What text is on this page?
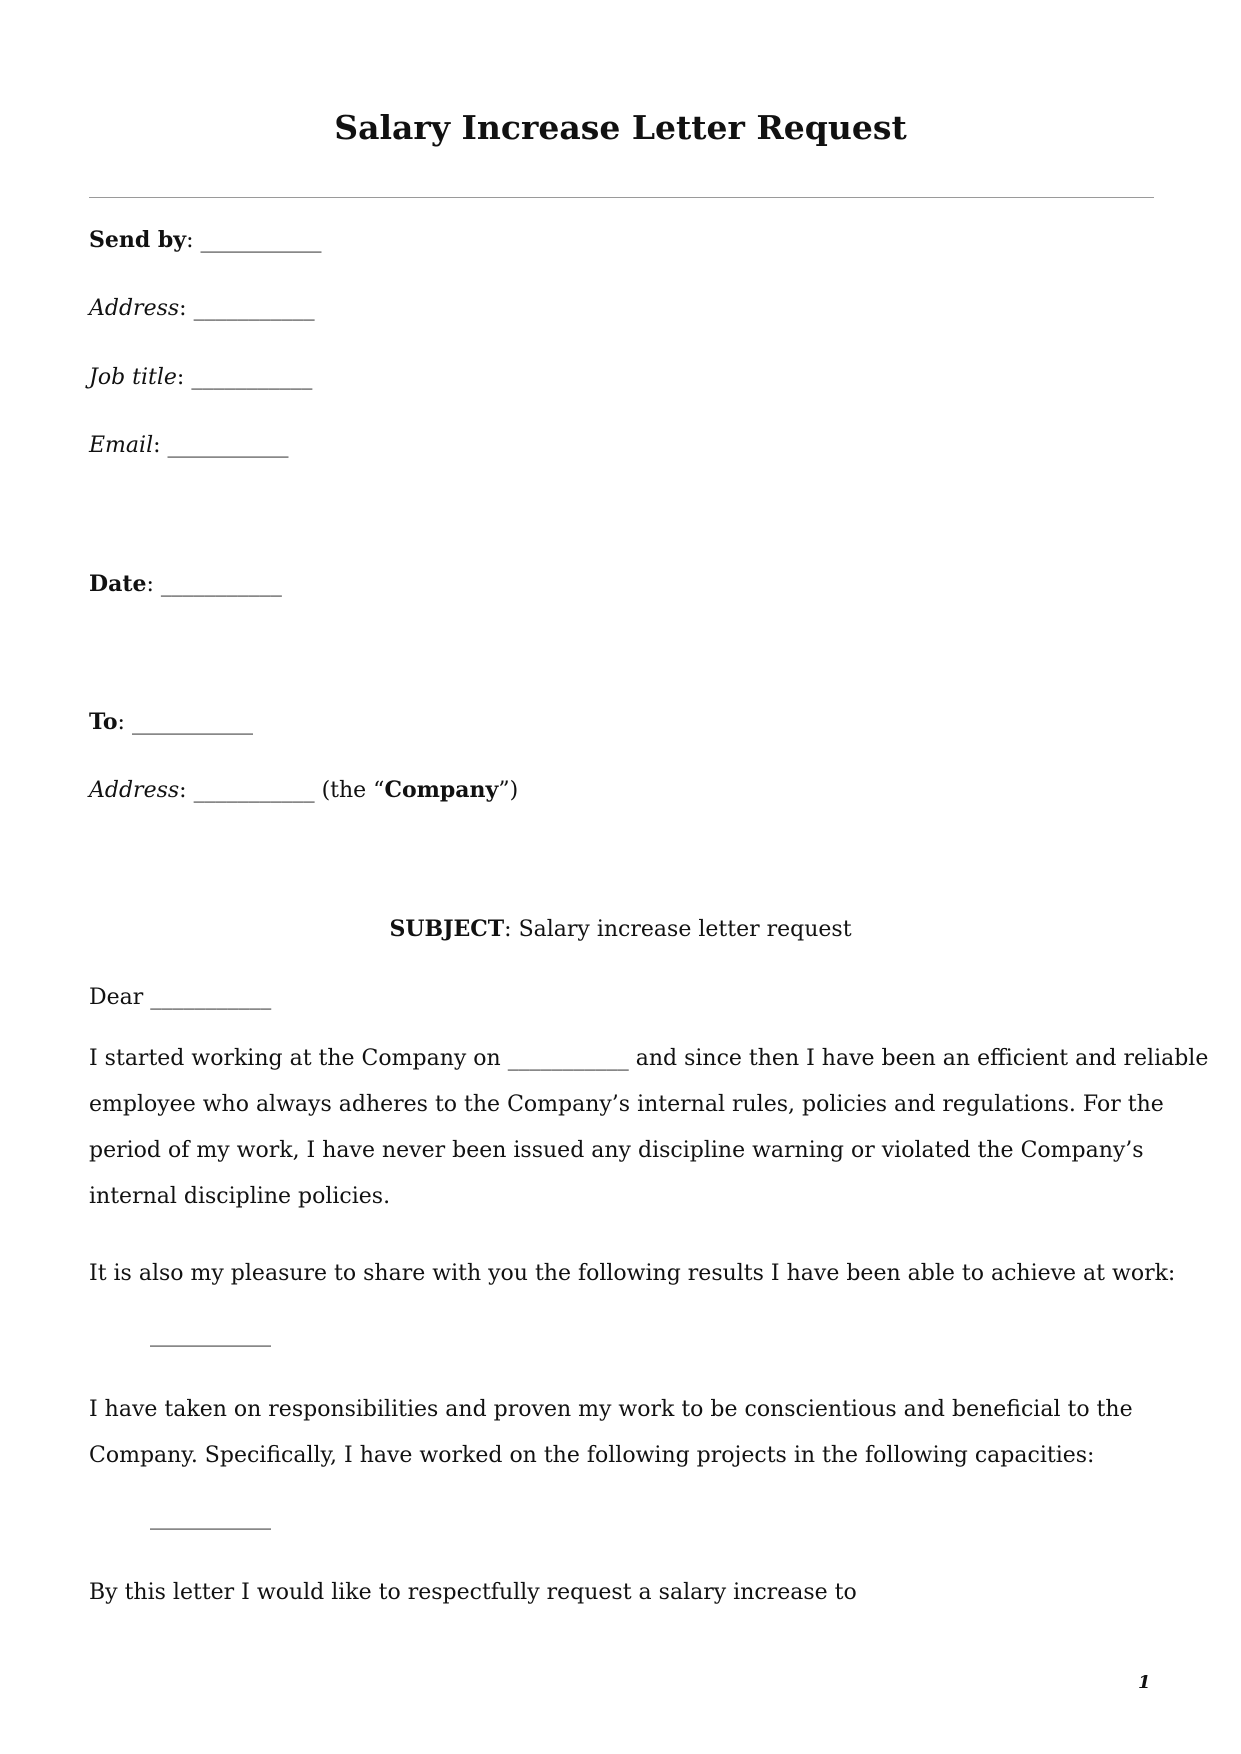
Salary Increase Letter Request
Send by: ___________
Address: ___________
Job title: ___________
Email: ___________
Date: ___________
To: ___________
Address: ___________ (the “Company”)
SUBJECT: Salary increase letter request
Dear ___________
I started working at the Company on ___________ and since then I have been an efficient and reliable
employee who always adheres to the Company’s internal rules, policies and regulations. For the
period of my work, I have never been issued any discipline warning or violated the Company’s
internal discipline policies.
It is also my pleasure to share with you the following results I have been able to achieve at work:
___________
I have taken on responsibilities and proven my work to be conscientious and beneficial to the
Company. Specifically, I have worked on the following projects in the following capacities:
___________
By this letter I would like to respectfully request a salary increase to
1
